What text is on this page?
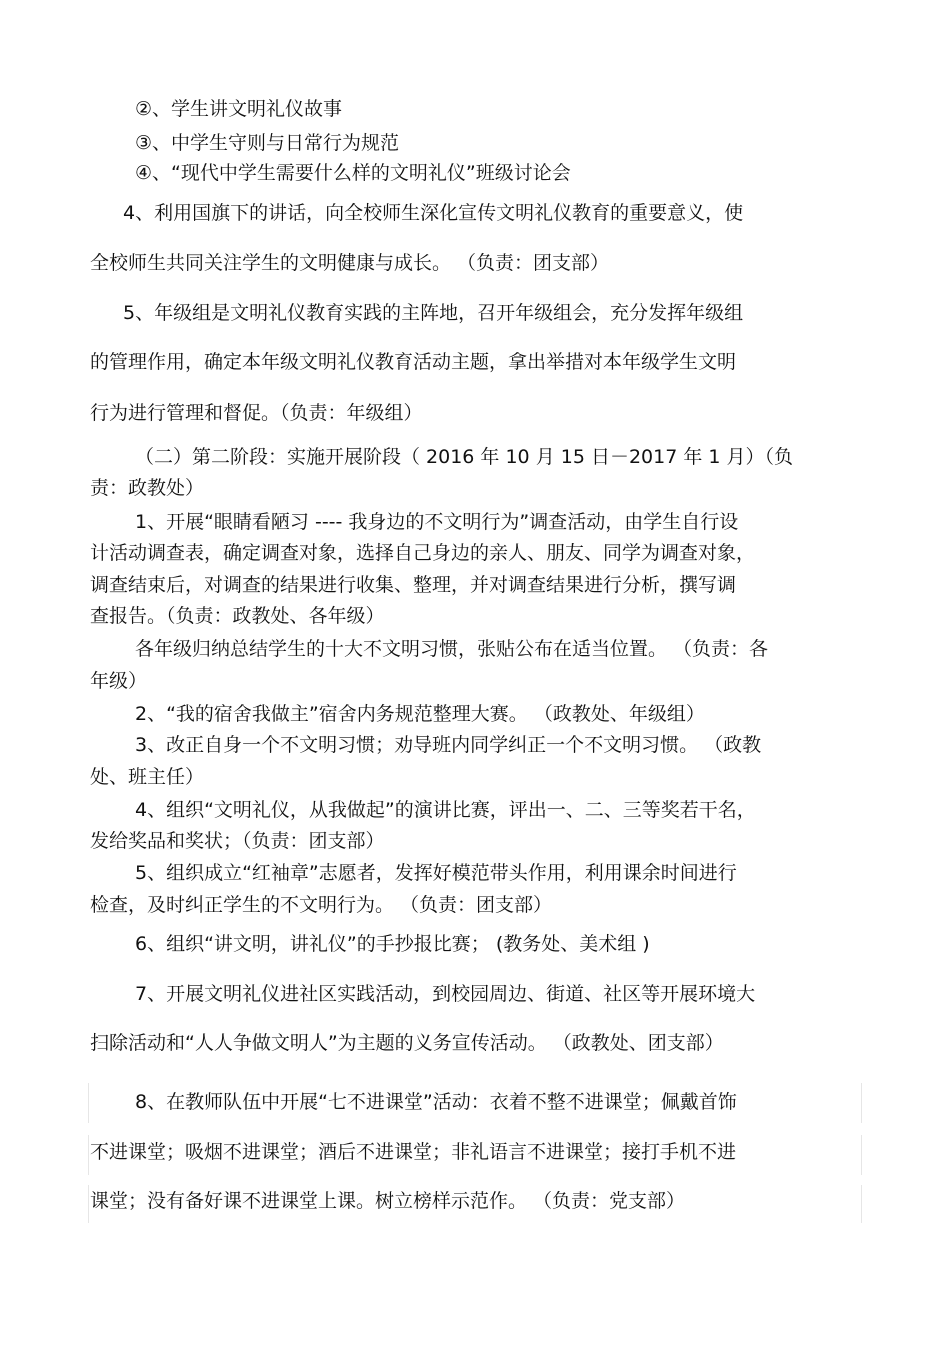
②、学生讲文明礼仪故事
③、中学生守则与日常行为规范
④、“现代中学生需要什么样的文明礼仪”班级讨论会
4、利用国旗下的讲话，向全校师生深化宣传文明礼仪教育的重要意义，使
全校师生共同关注学生的文明健康与成长。 （负责：团支部）
5、年级组是文明礼仪教育实践的主阵地，召开年级组会，充分发挥年级组
的管理作用，确定本年级文明礼仪教育活动主题，拿出举措对本年级学生文明
行为进行管理和督促。（负责：年级组）
（二）第二阶段：实施开展阶段（ 2016 年 10 月 15 日－2017 年 1 月）（负
责：政教处）
1、开展“眼睛看陋习 ---- 我身边的不文明行为”调查活动，由学生自行设
计活动调查表，确定调查对象，选择自己身边的亲人、朋友、同学为调查对象，
调查结束后，对调查的结果进行收集、整理，并对调查结果进行分析，撰写调
查报告。（负责：政教处、各年级）
各年级归纳总结学生的十大不文明习惯，张贴公布在适当位置。 （负责：各
年级）
2、“我的宿舍我做主”宿舍内务规范整理大赛。 （政教处、年级组）
3、改正自身一个不文明习惯；劝导班内同学纠正一个不文明习惯。 （政教
处、班主任）
4、组织“文明礼仪，从我做起”的演讲比赛，评出一、二、三等奖若干名，
发给奖品和奖状；（负责：团支部）
5、组织成立“红袖章”志愿者，发挥好模范带头作用，利用课余时间进行
检查，及时纠正学生的不文明行为。 （负责：团支部）
6、组织“讲文明，讲礼仪”的手抄报比赛； (教务处、美术组 )
7、开展文明礼仪进社区实践活动，到校园周边、街道、社区等开展环境大
扫除活动和“人人争做文明人”为主题的义务宣传活动。 （政教处、团支部）
8、在教师队伍中开展“七不进课堂”活动：衣着不整不进课堂；佩戴首饰
不进课堂；吸烟不进课堂；酒后不进课堂；非礼语言不进课堂；接打手机不进
课堂；没有备好课不进课堂上课。树立榜样示范作。 （负责：党支部）
